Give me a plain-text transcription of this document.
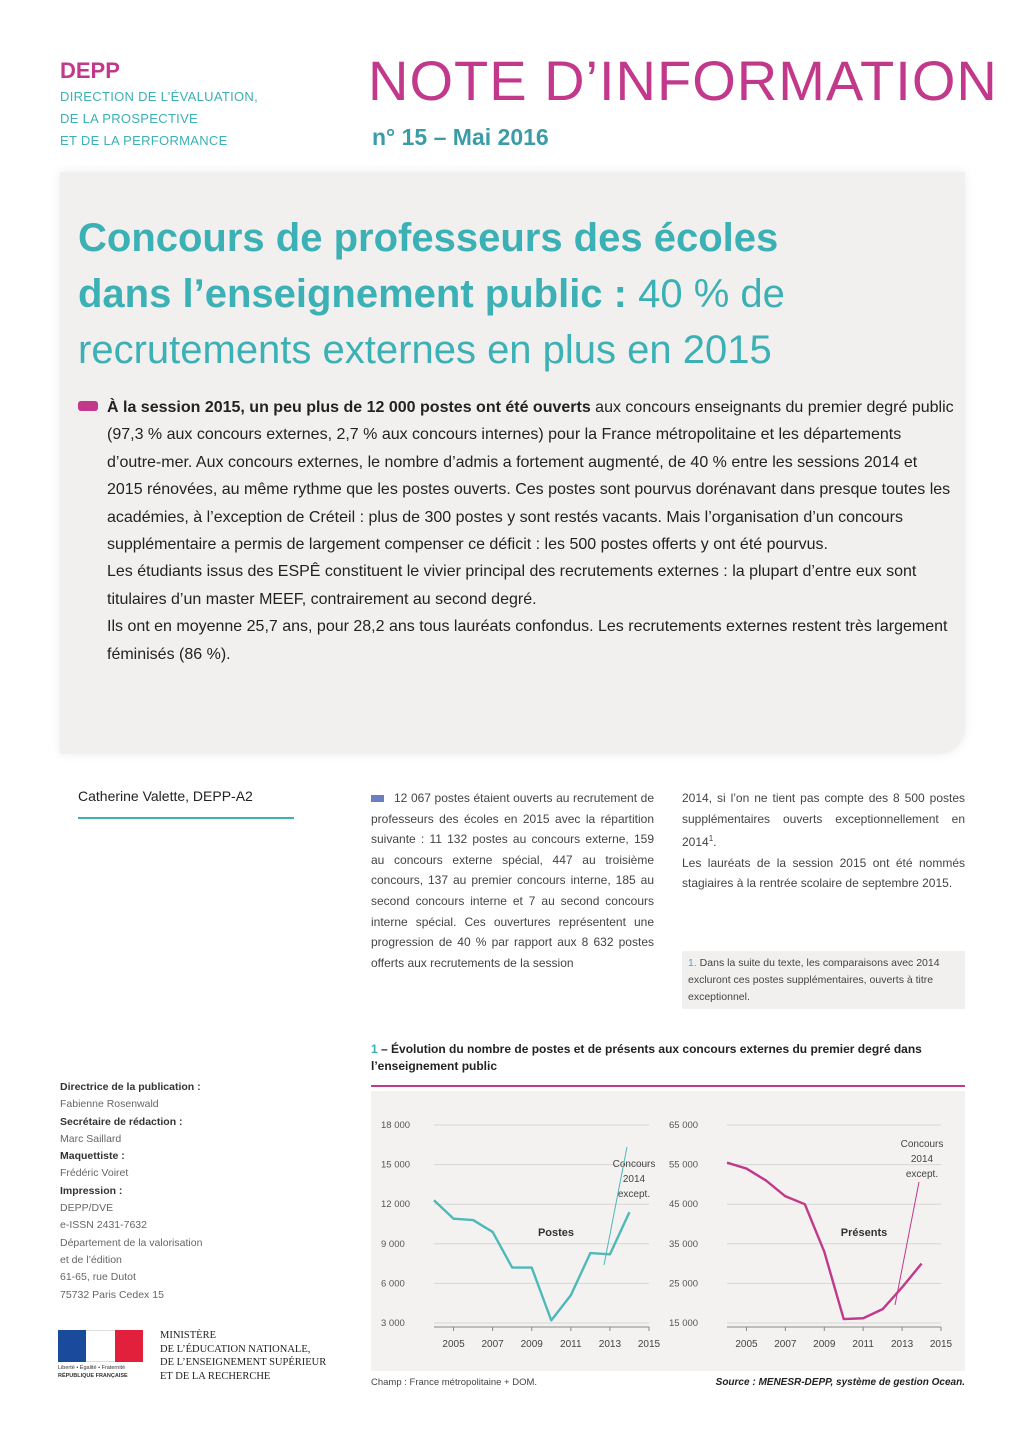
DEPP
DIRECTION DE L’ÉVALUATION,
DE LA PROSPECTIVE
ET DE LA PERFORMANCE
NOTE D’INFORMATION
n° 15 – Mai 2016
Concours de professeurs des écoles
dans l’enseignement public : 40 % de
recrutements externes en plus en 2015

À la session 2015, un peu plus de 12 000 postes ont été ouverts aux concours enseignants du premier degré public (97,3 % aux concours externes, 2,7 % aux concours internes) pour la France métropolitaine et les départements d’outre-mer. Aux concours externes, le nombre d’admis a fortement augmenté, de 40 % entre les sessions 2014 et 2015 rénovées, au même rythme que les postes ouverts. Ces postes sont pourvus dorénavant dans presque toutes les académies, à l’exception de Créteil : plus de 300 postes y sont restés vacants. Mais l’organisation d’un concours supplémentaire a permis de largement compenser ce déficit : les 500 postes offerts y ont été pourvus.

Les étudiants issus des ESPÊ constituent le vivier principal des recrutements externes : la plupart d’entre eux sont titulaires d’un master MEEF, contrairement au second degré.

Ils ont en moyenne 25,7 ans, pour 28,2 ans tous lauréats confondus. Les recrutements externes restent très largement féminisés (86 %).

Catherine Valette, DEPP-A2	12 067 postes étaient ouverts au recrutement de professeurs des écoles en 2015 avec la répartition suivante : 11 132 postes au concours externe, 159 au concours externe spécial, 447 au troisième concours, 137 au premier concours interne, 185 au second concours interne et 7 au second concours interne spécial. Ces ouvertures représentent une progression de 40 % par rapport aux 8 632 postes offerts aux recrutements de la session

2014, si l’on ne tient pas compte des 8 500 postes supplémentaires ouverts exceptionnellement en 2014$^1$.

Les lauréats de la session 2015 ont été nommés stagiaires à la rentrée scolaire de septembre 2015.

1. Dans la suite du texte, les comparaisons avec 2014 excluront ces postes supplémentaires, ouverts à titre exceptionnel.
1 – Évolution du nombre de postes et de présents aux concours externes du premier degré dans l’enseignement public
3 000
6 000
9 000
12 000
15 000
18 000
2005 2007 2009 2011 2013 2015
Postes
Concours
2014
except.
15 000
25 000
35 000
45 000
55 000
65 000
2005 2007 2009 2011 2013 2015
Présents
Concours
2014
except.
Champ : France métropolitaine + DOM.	Source : MENESR-DEPP, système de gestion Ocean.
Directrice de la publication :
Fabienne Rosenwald
Secrétaire de rédaction :
Marc Saillard
Maquettiste :
Frédéric Voiret
Impression :
DEPP/DVE
e-ISSN 2431-7632
Département de la valorisation
et de l’édition
61-65, rue Dutot
75732 Paris Cedex 15
Liberté • Égalité • Fraternité
RÉPUBLIQUE FRANÇAISE
MINISTÈRE
DE L’ÉDUCATION NATIONALE,
DE L’ENSEIGNEMENT SUPÉRIEUR
ET DE LA RECHERCHE
